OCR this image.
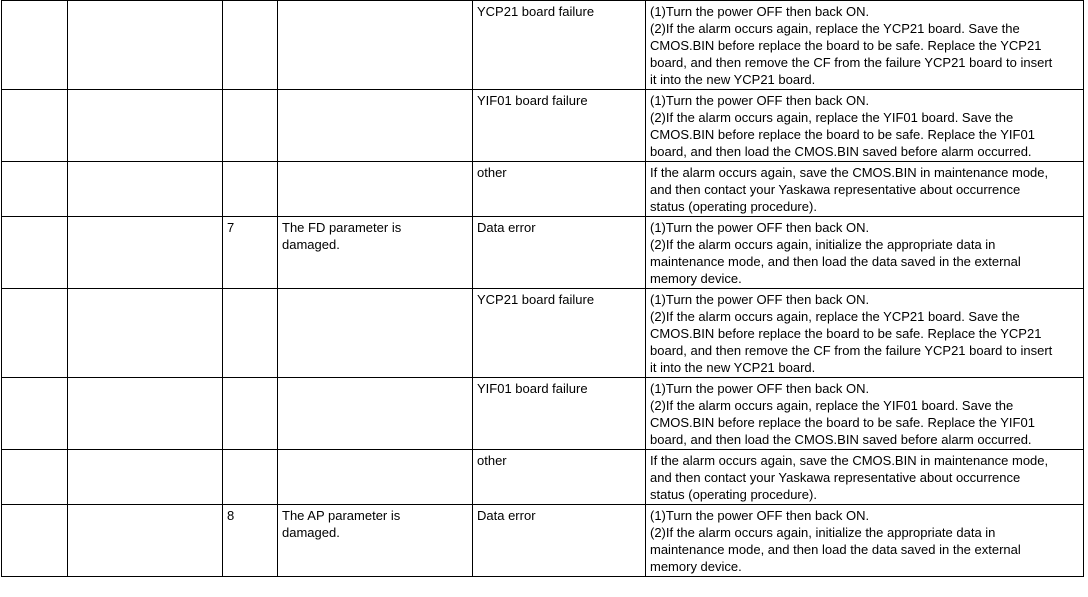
				YCP21 board failure	(1)Turn the power OFF then back ON.
(2)If the alarm occurs again, replace the YCP21 board. Save the
CMOS.BIN before replace the board to be safe. Replace the YCP21
board, and then remove the CF from the failure YCP21 board to insert
it into the new YCP21 board.

				YIF01 board failure	(1)Turn the power OFF then back ON.
(2)If the alarm occurs again, replace the YIF01 board. Save the
CMOS.BIN before replace the board to be safe. Replace the YIF01
board, and then load the CMOS.BIN saved before alarm occurred.

				other	If the alarm occurs again, save the CMOS.BIN in maintenance mode,
and then contact your Yaskawa representative about occurrence
status (operating procedure).

		7	The FD parameter is
damaged.	Data error	(1)Turn the power OFF then back ON.
(2)If the alarm occurs again, initialize the appropriate data in
maintenance mode, and then load the data saved in the external
memory device.

				YCP21 board failure	(1)Turn the power OFF then back ON.
(2)If the alarm occurs again, replace the YCP21 board. Save the
CMOS.BIN before replace the board to be safe. Replace the YCP21
board, and then remove the CF from the failure YCP21 board to insert
it into the new YCP21 board.

				YIF01 board failure	(1)Turn the power OFF then back ON.
(2)If the alarm occurs again, replace the YIF01 board. Save the
CMOS.BIN before replace the board to be safe. Replace the YIF01
board, and then load the CMOS.BIN saved before alarm occurred.

				other	If the alarm occurs again, save the CMOS.BIN in maintenance mode,
and then contact your Yaskawa representative about occurrence
status (operating procedure).

		8	The AP parameter is
damaged.	Data error	(1)Turn the power OFF then back ON.
(2)If the alarm occurs again, initialize the appropriate data in
maintenance mode, and then load the data saved in the external
memory device.
